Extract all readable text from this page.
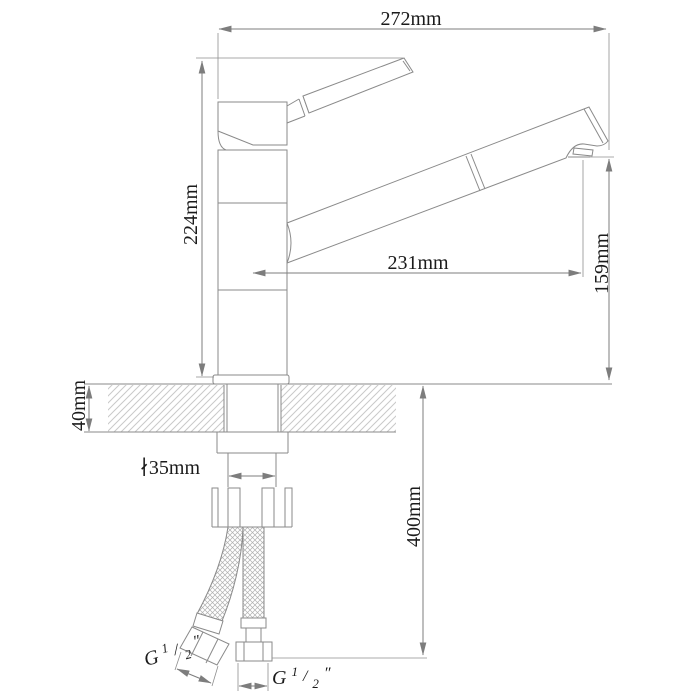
272mm
224mm
231mm	159mm
40mm
∤35mm
400mm
G $^1$ $_/$ $_2$ ″
G $^1$ $_/$ $_2$ ″
